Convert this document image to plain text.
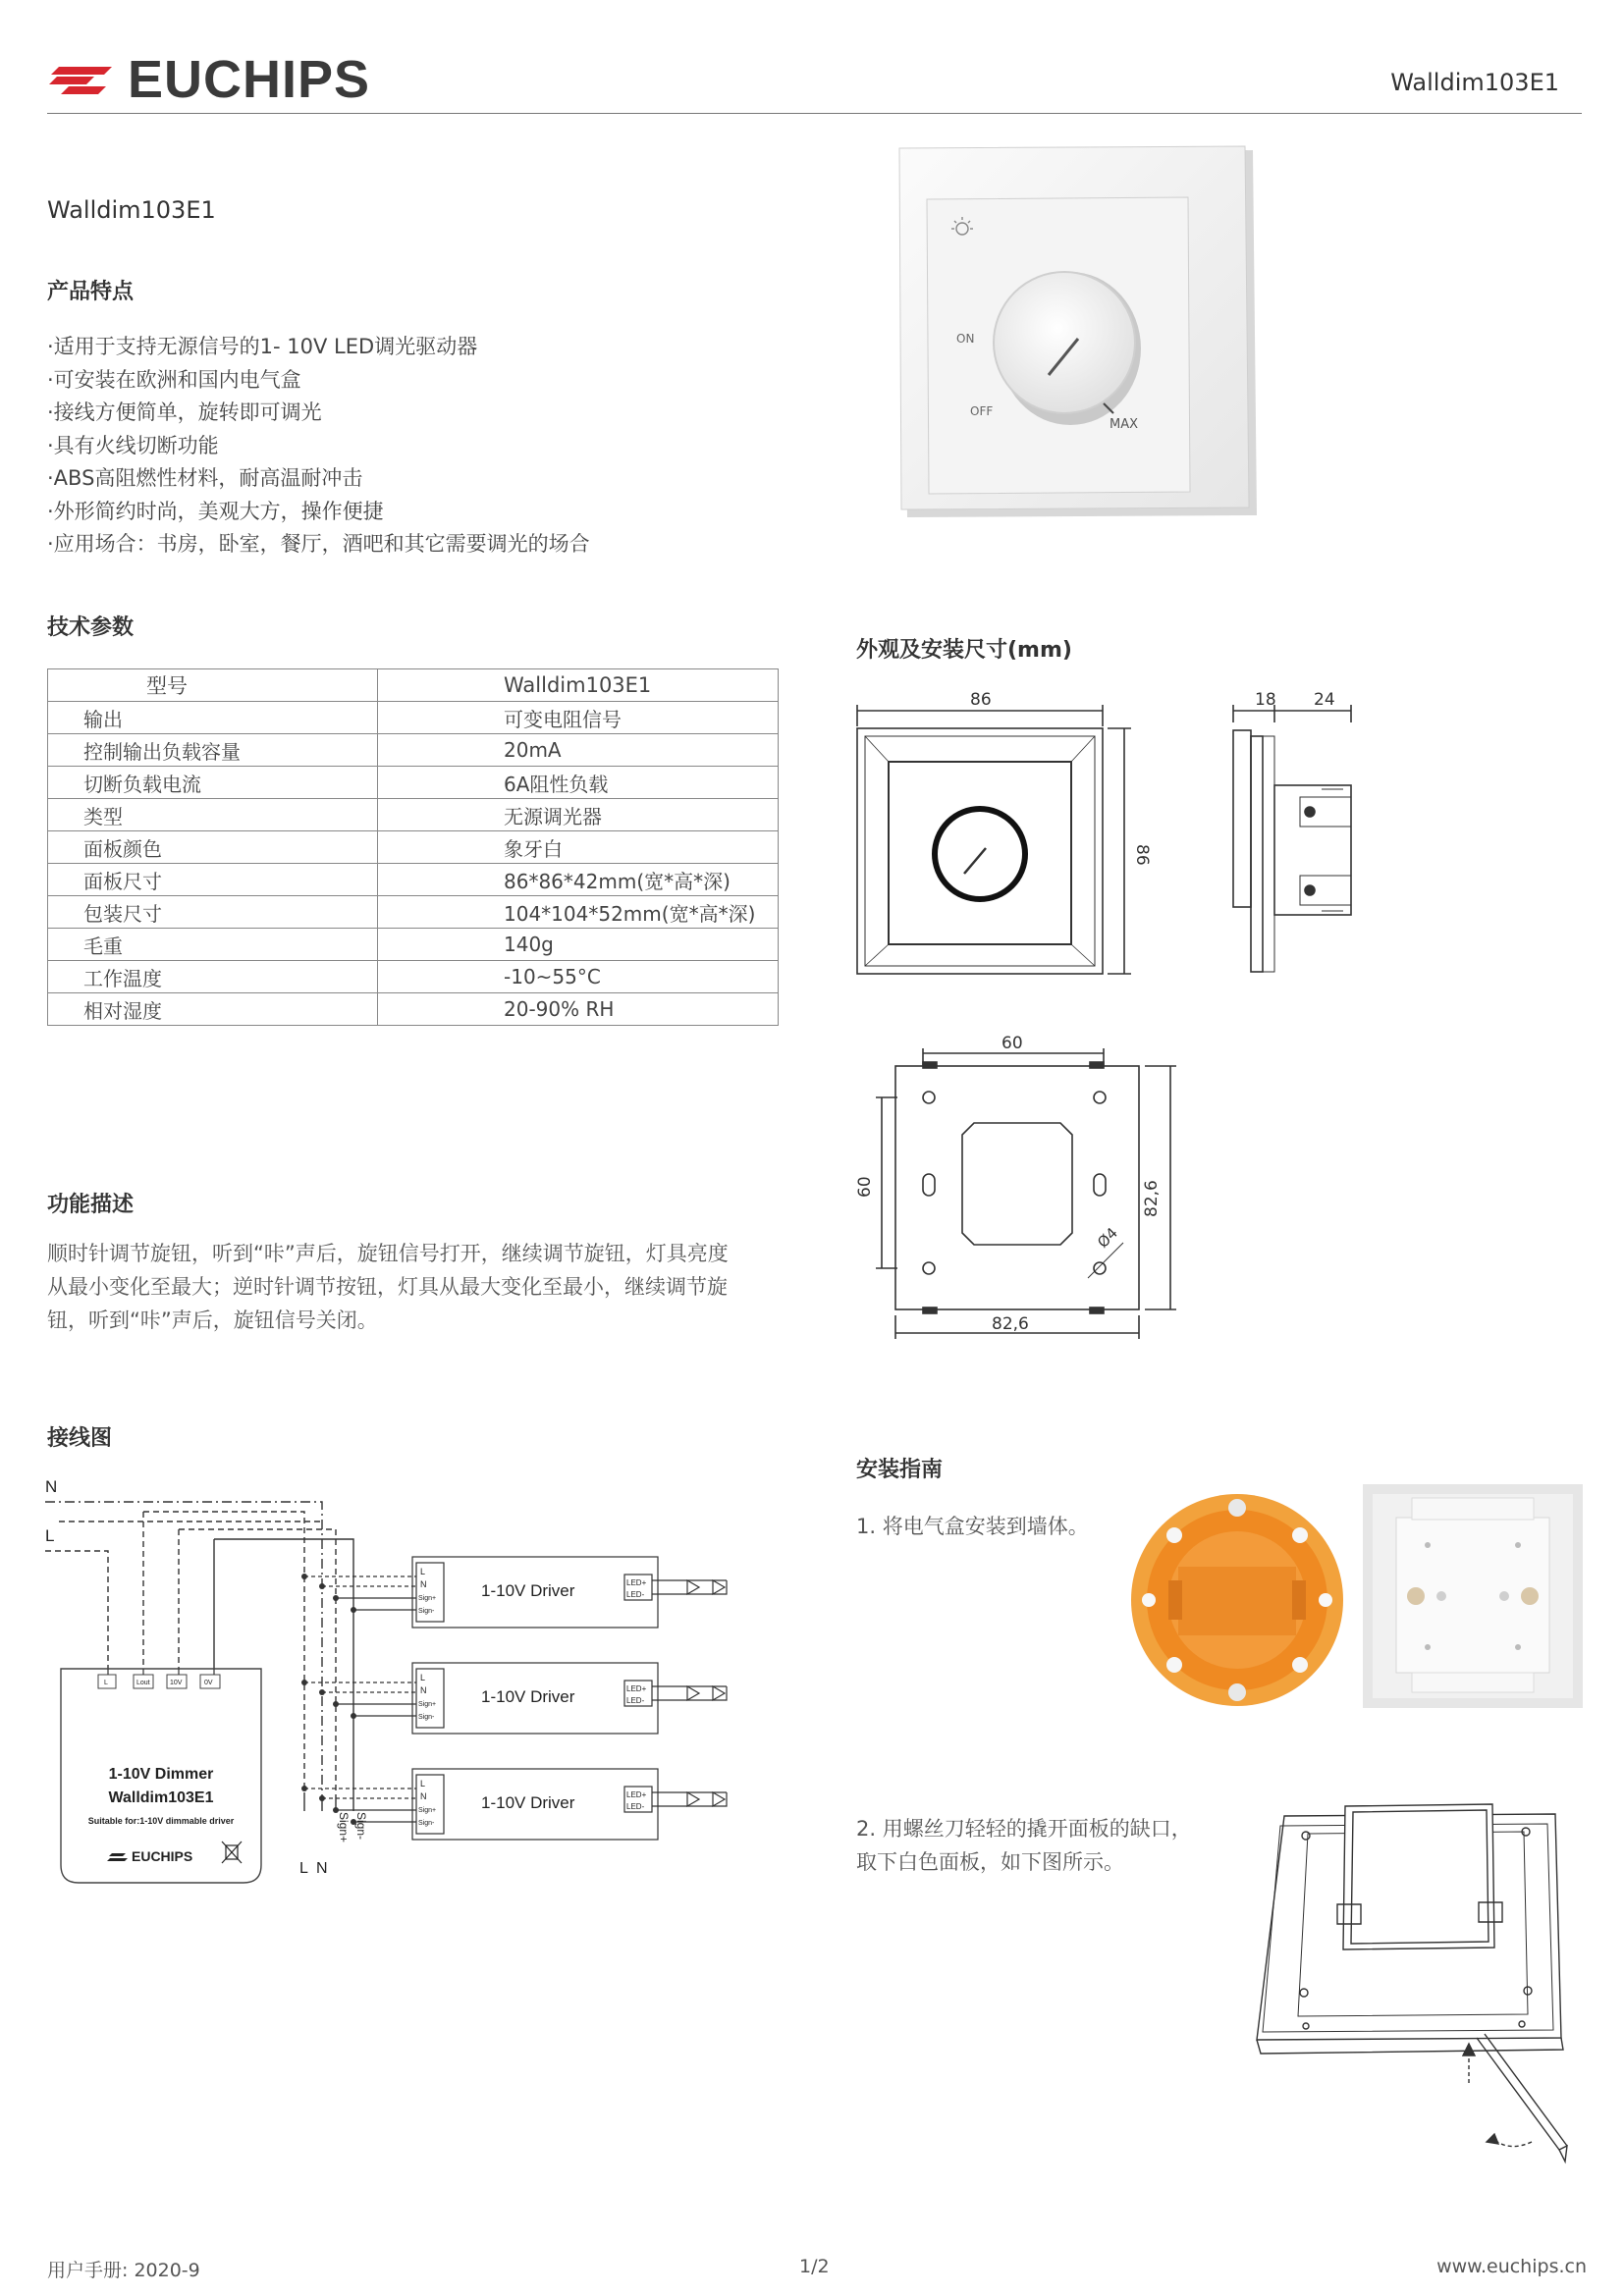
EUCHIPS	Walldim103E1
ON
OFF
MAX
Walldim103E1
产品特点
·适用于支持无源信号的1- 10V LED调光驱动器
·可安装在欧洲和国内电气盒
·接线方便简单，旋转即可调光
·具有火线切断功能
·ABS高阻燃性材料，耐高温耐冲击
·外形简约时尚，美观大方，操作便捷
·应用场合：书房，卧室，餐厅，酒吧和其它需要调光的场合
技术参数
型号	Walldim103E1
输出	可变电阻信号
控制输出负载容量	20mA
切断负载电流	6A阻性负载
类型	无源调光器
面板颜色	象牙白
面板尺寸	86*86*42mm(宽*高*深)
包装尺寸	104*104*52mm(宽*高*深)
毛重	140g
工作温度	-10~55°C
相对湿度	20-90% RH
外观及安装尺寸(mm)
86
86
18 24
60
60	82,6
82,6
Ø4
功能描述
顺时针调节旋钮，听到“咔”声后，旋钮信号打开，继续调节旋钮，灯具亮度
从最小变化至最大；逆时针调节按钮，灯具从最大变化至最小，继续调节旋
钮，听到“咔”声后，旋钮信号关闭。
接线图
N
L
1-10V Driver
L
N
Sign+
Sign-
LED+
LED-
1-10V Driver
L
N
Sign+
Sign-
LED+
LED-
1-10V Driver
L
N
Sign+
Sign-
LED+
LED-
L	Lout	10V	0V
1-10V Dimmer
Walldim103E1
Suitable for:1-10V dimmable driver
EUCHIPS
L N
Sign+ Sign-
安装指南
1. 将电气盒安装到墙体。
2. 用螺丝刀轻轻的撬开面板的缺口，
取下白色面板，如下图所示。
用户手册: 2020-9	1/2	www.euchips.cn
